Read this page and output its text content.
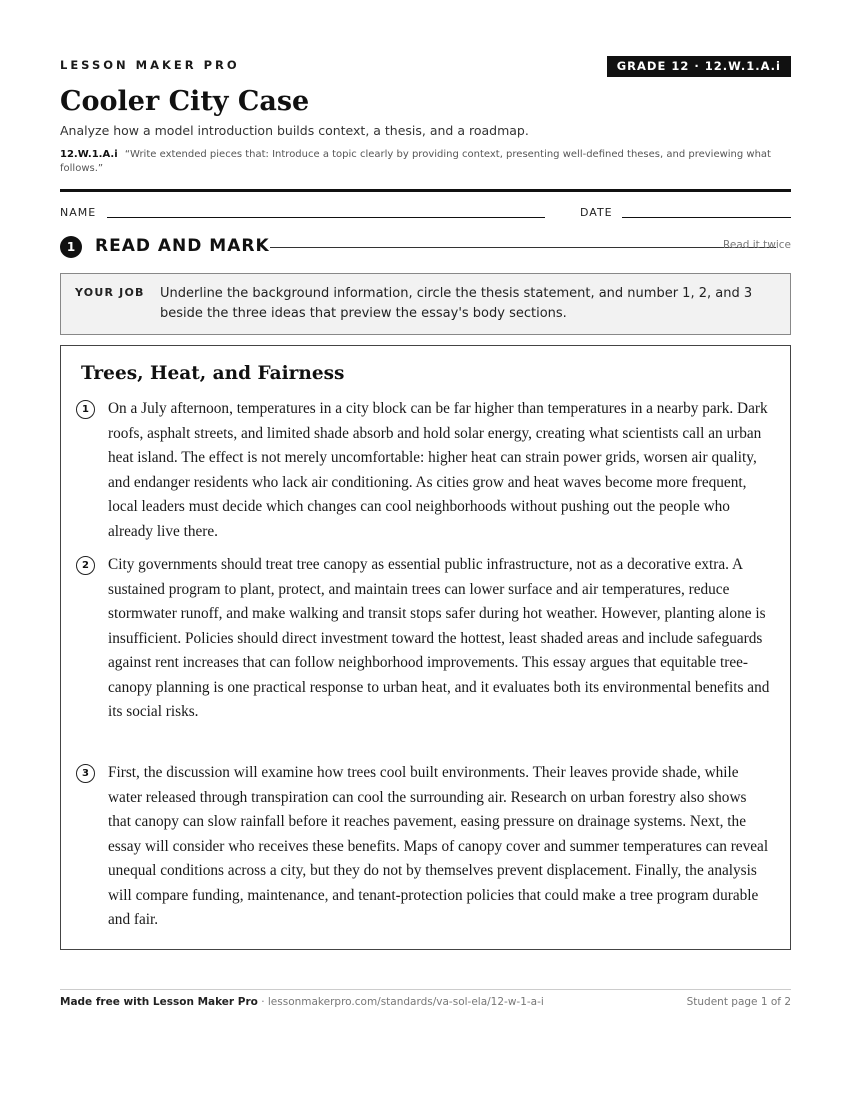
LESSON MAKER PRO	GRADE 12 · 12.W.1.A.i
Cooler City Case
Analyze how a model introduction builds context, a thesis, and a roadmap.
12.W.1.A.i “Write extended pieces that: Introduce a topic clearly by providing context, presenting well-defined theses, and previewing what follows.”
NAME	DATE
1	READ AND MARK	Read it twice
YOUR JOB Underline the background information, circle the thesis statement, and number 1, 2, and 3 beside the three ideas that preview the essay's body sections.
Trees, Heat, and Fairness
1	On a July afternoon, temperatures in a city block can be far higher than temperatures in a nearby park. Dark roofs, asphalt streets, and limited shade absorb and hold solar energy, creating what scientists call an urban heat island. The effect is not merely uncomfortable: higher heat can strain power grids, worsen air quality, and endanger residents who lack air conditioning. As cities grow and heat waves become more frequent, local leaders must decide which changes can cool neighborhoods without pushing out the people who already live there.
2	City governments should treat tree canopy as essential public infrastructure, not as a decorative extra. A sustained program to plant, protect, and maintain trees can lower surface and air temperatures, reduce stormwater runoff, and make walking and transit stops safer during hot weather. However, planting alone is insufficient. Policies should direct investment toward the hottest, least shaded areas and include safeguards against rent increases that can follow neighborhood improvements. This essay argues that equitable tree-canopy planning is one practical response to urban heat, and it evaluates both its environmental benefits and its social risks.
3	First, the discussion will examine how trees cool built environments. Their leaves provide shade, while water released through transpiration can cool the surrounding air. Research on urban forestry also shows that canopy can slow rainfall before it reaches pavement, easing pressure on drainage systems. Next, the essay will consider who receives these benefits. Maps of canopy cover and summer temperatures can reveal unequal conditions across a city, but they do not by themselves prevent displacement. Finally, the analysis will compare funding, maintenance, and tenant-protection policies that could make a tree program durable and fair.
Made free with Lesson Maker Pro · lessonmakerpro.com/standards/va-sol-ela/12-w-1-a-i	Student page 1 of 2
